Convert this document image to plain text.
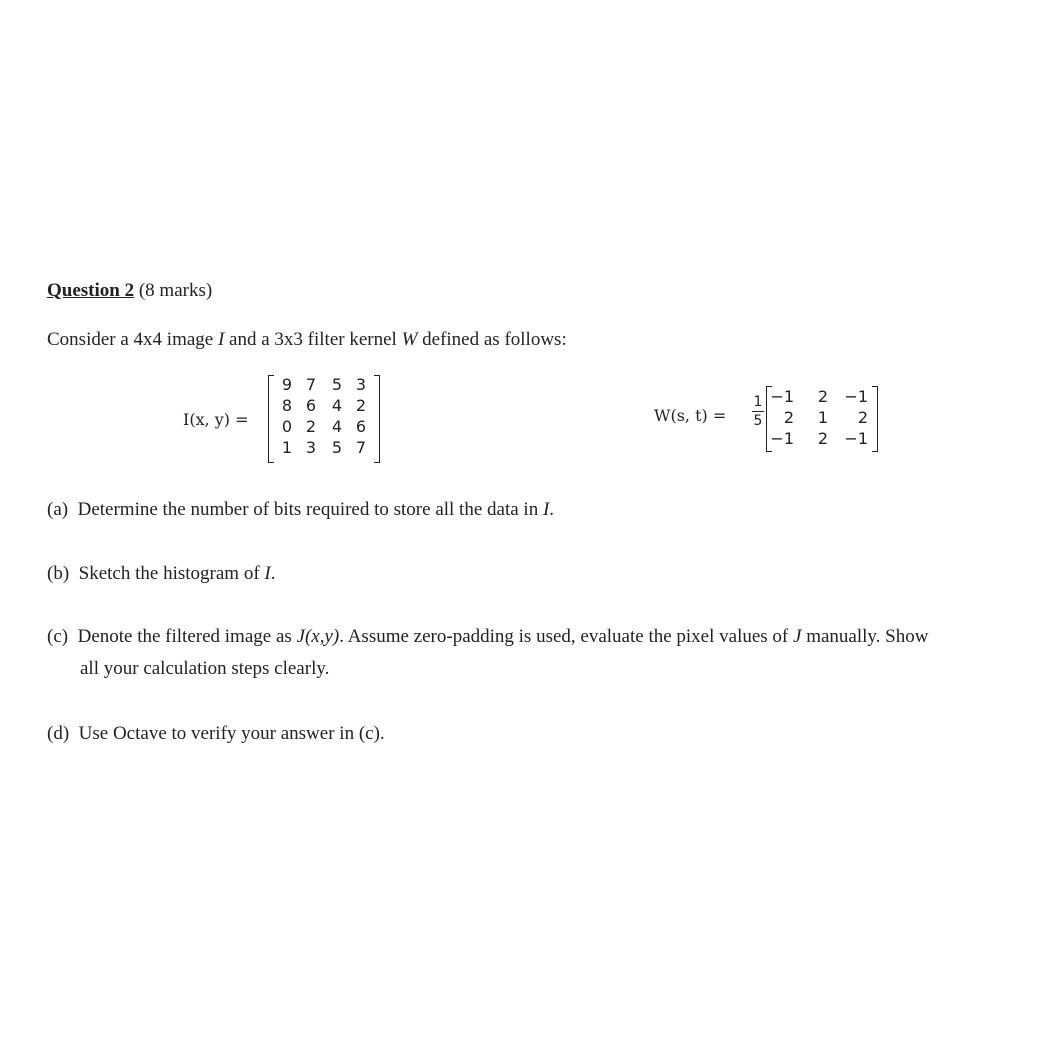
Question 2 (8 marks)
Consider a 4x4 image I and a 3x3 filter kernel W defined as follows:
I(x, y) =
9 7 5 3
8 6 4 2
0 2 4 6
1 3 5 7
W(s, t) =
1
5
−1	2	−1
2	1	2
−1	2	−1
(a) Determine the number of bits required to store all the data in I.
(b) Sketch the histogram of I.
(c) Denote the filtered image as J(x,y). Assume zero-padding is used, evaluate the pixel values of J manually. Show
all your calculation steps clearly.
(d) Use Octave to verify your answer in (c).
